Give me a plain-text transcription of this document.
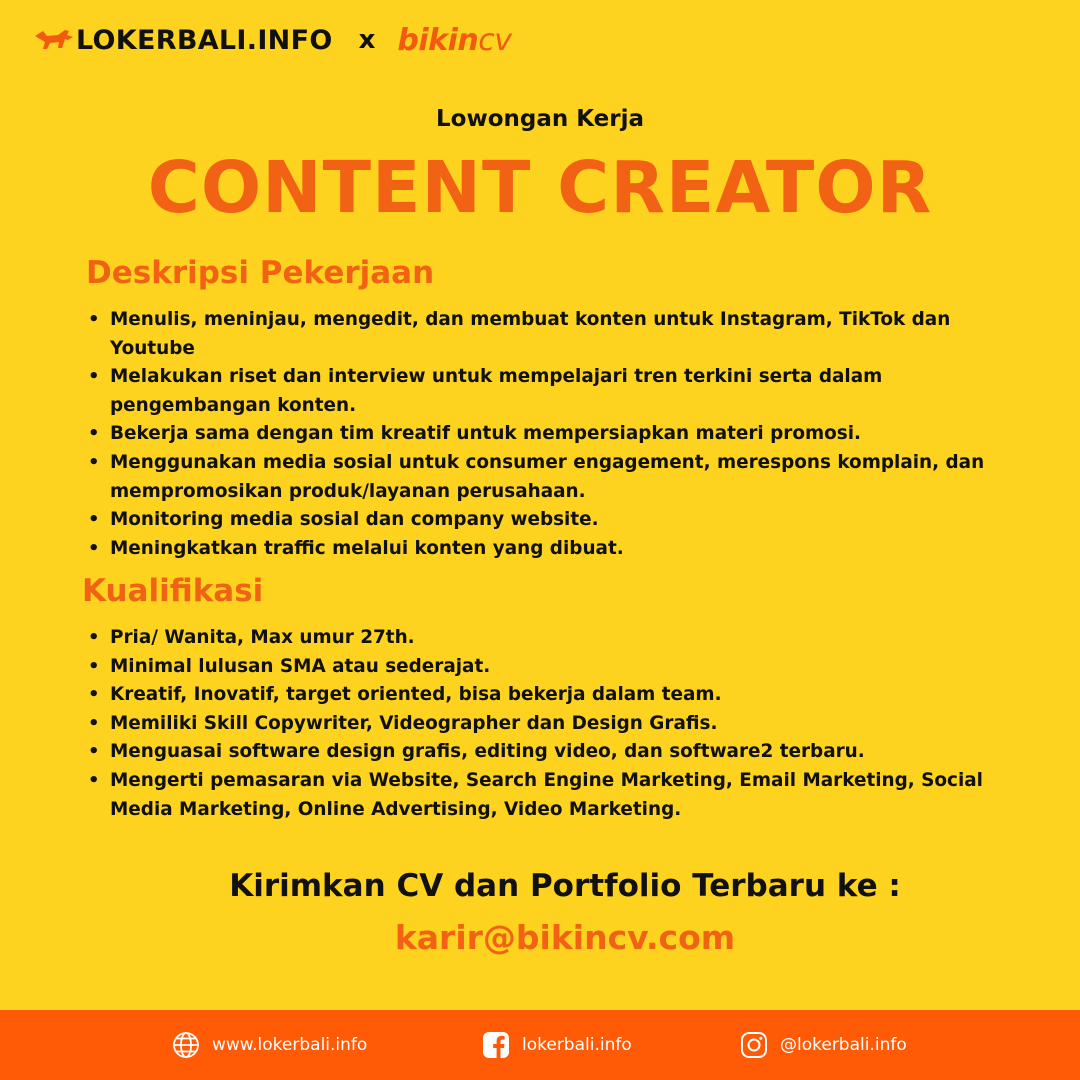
LOKERBALI.INFO x bikincv
Lowongan Kerja
CONTENT CREATOR
Deskripsi Pekerjaan
• Menulis, meninjau, mengedit, dan membuat konten untuk Instagram, TikTok dan Youtube
• Melakukan riset dan interview untuk mempelajari tren terkini serta dalam pengembangan konten.
• Bekerja sama dengan tim kreatif untuk mempersiapkan materi promosi.
• Menggunakan media sosial untuk consumer engagement, merespons komplain, dan mempromosikan produk/layanan perusahaan.
• Monitoring media sosial dan company website.
• Meningkatkan traffic melalui konten yang dibuat.
Kualifikasi
• Pria/ Wanita, Max umur 27th.
• Minimal lulusan SMA atau sederajat.
• Kreatif, Inovatif, target oriented, bisa bekerja dalam team.
• Memiliki Skill Copywriter, Videographer dan Design Grafis.
• Menguasai software design grafis, editing video, dan software2 terbaru.
• Mengerti pemasaran via Website, Search Engine Marketing, Email Marketing, Social Media Marketing, Online Advertising, Video Marketing.
Kirimkan CV dan Portfolio Terbaru ke :
karir@bikincv.com
www.lokerbali.info	lokerbali.info	@lokerbali.info
